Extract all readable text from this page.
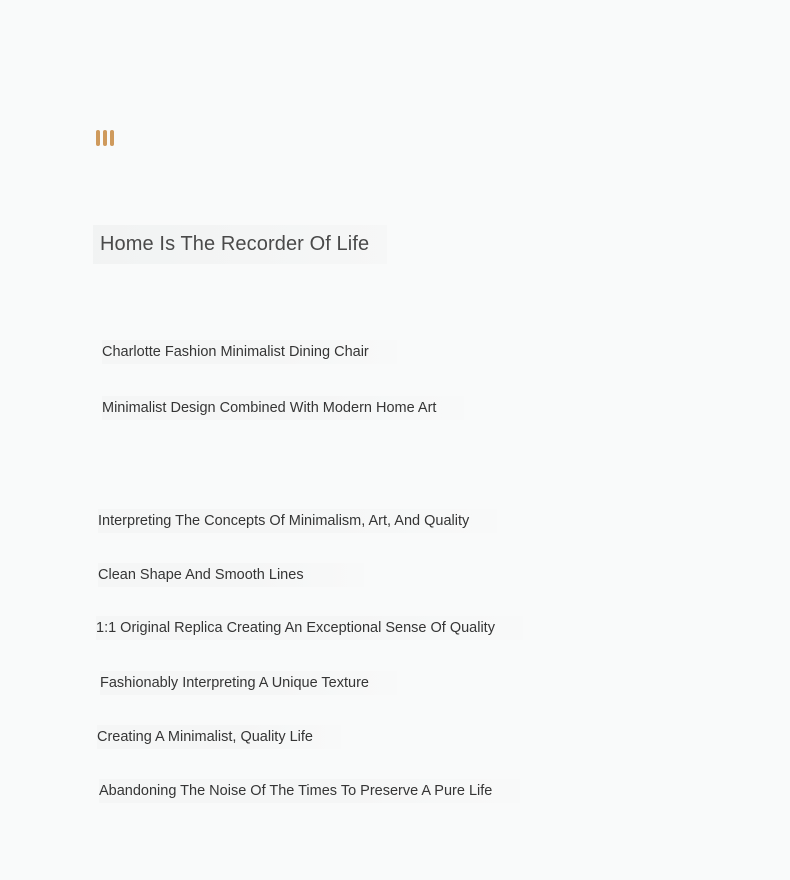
Home Is The Recorder Of Life
Charlotte Fashion Minimalist Dining Chair
Minimalist Design Combined With Modern Home Art
Interpreting The Concepts Of Minimalism, Art, And Quality
Clean Shape And Smooth Lines
1:1 Original Replica Creating An Exceptional Sense Of Quality
Fashionably Interpreting A Unique Texture
Creating A Minimalist, Quality Life
Abandoning The Noise Of The Times To Preserve A Pure Life
